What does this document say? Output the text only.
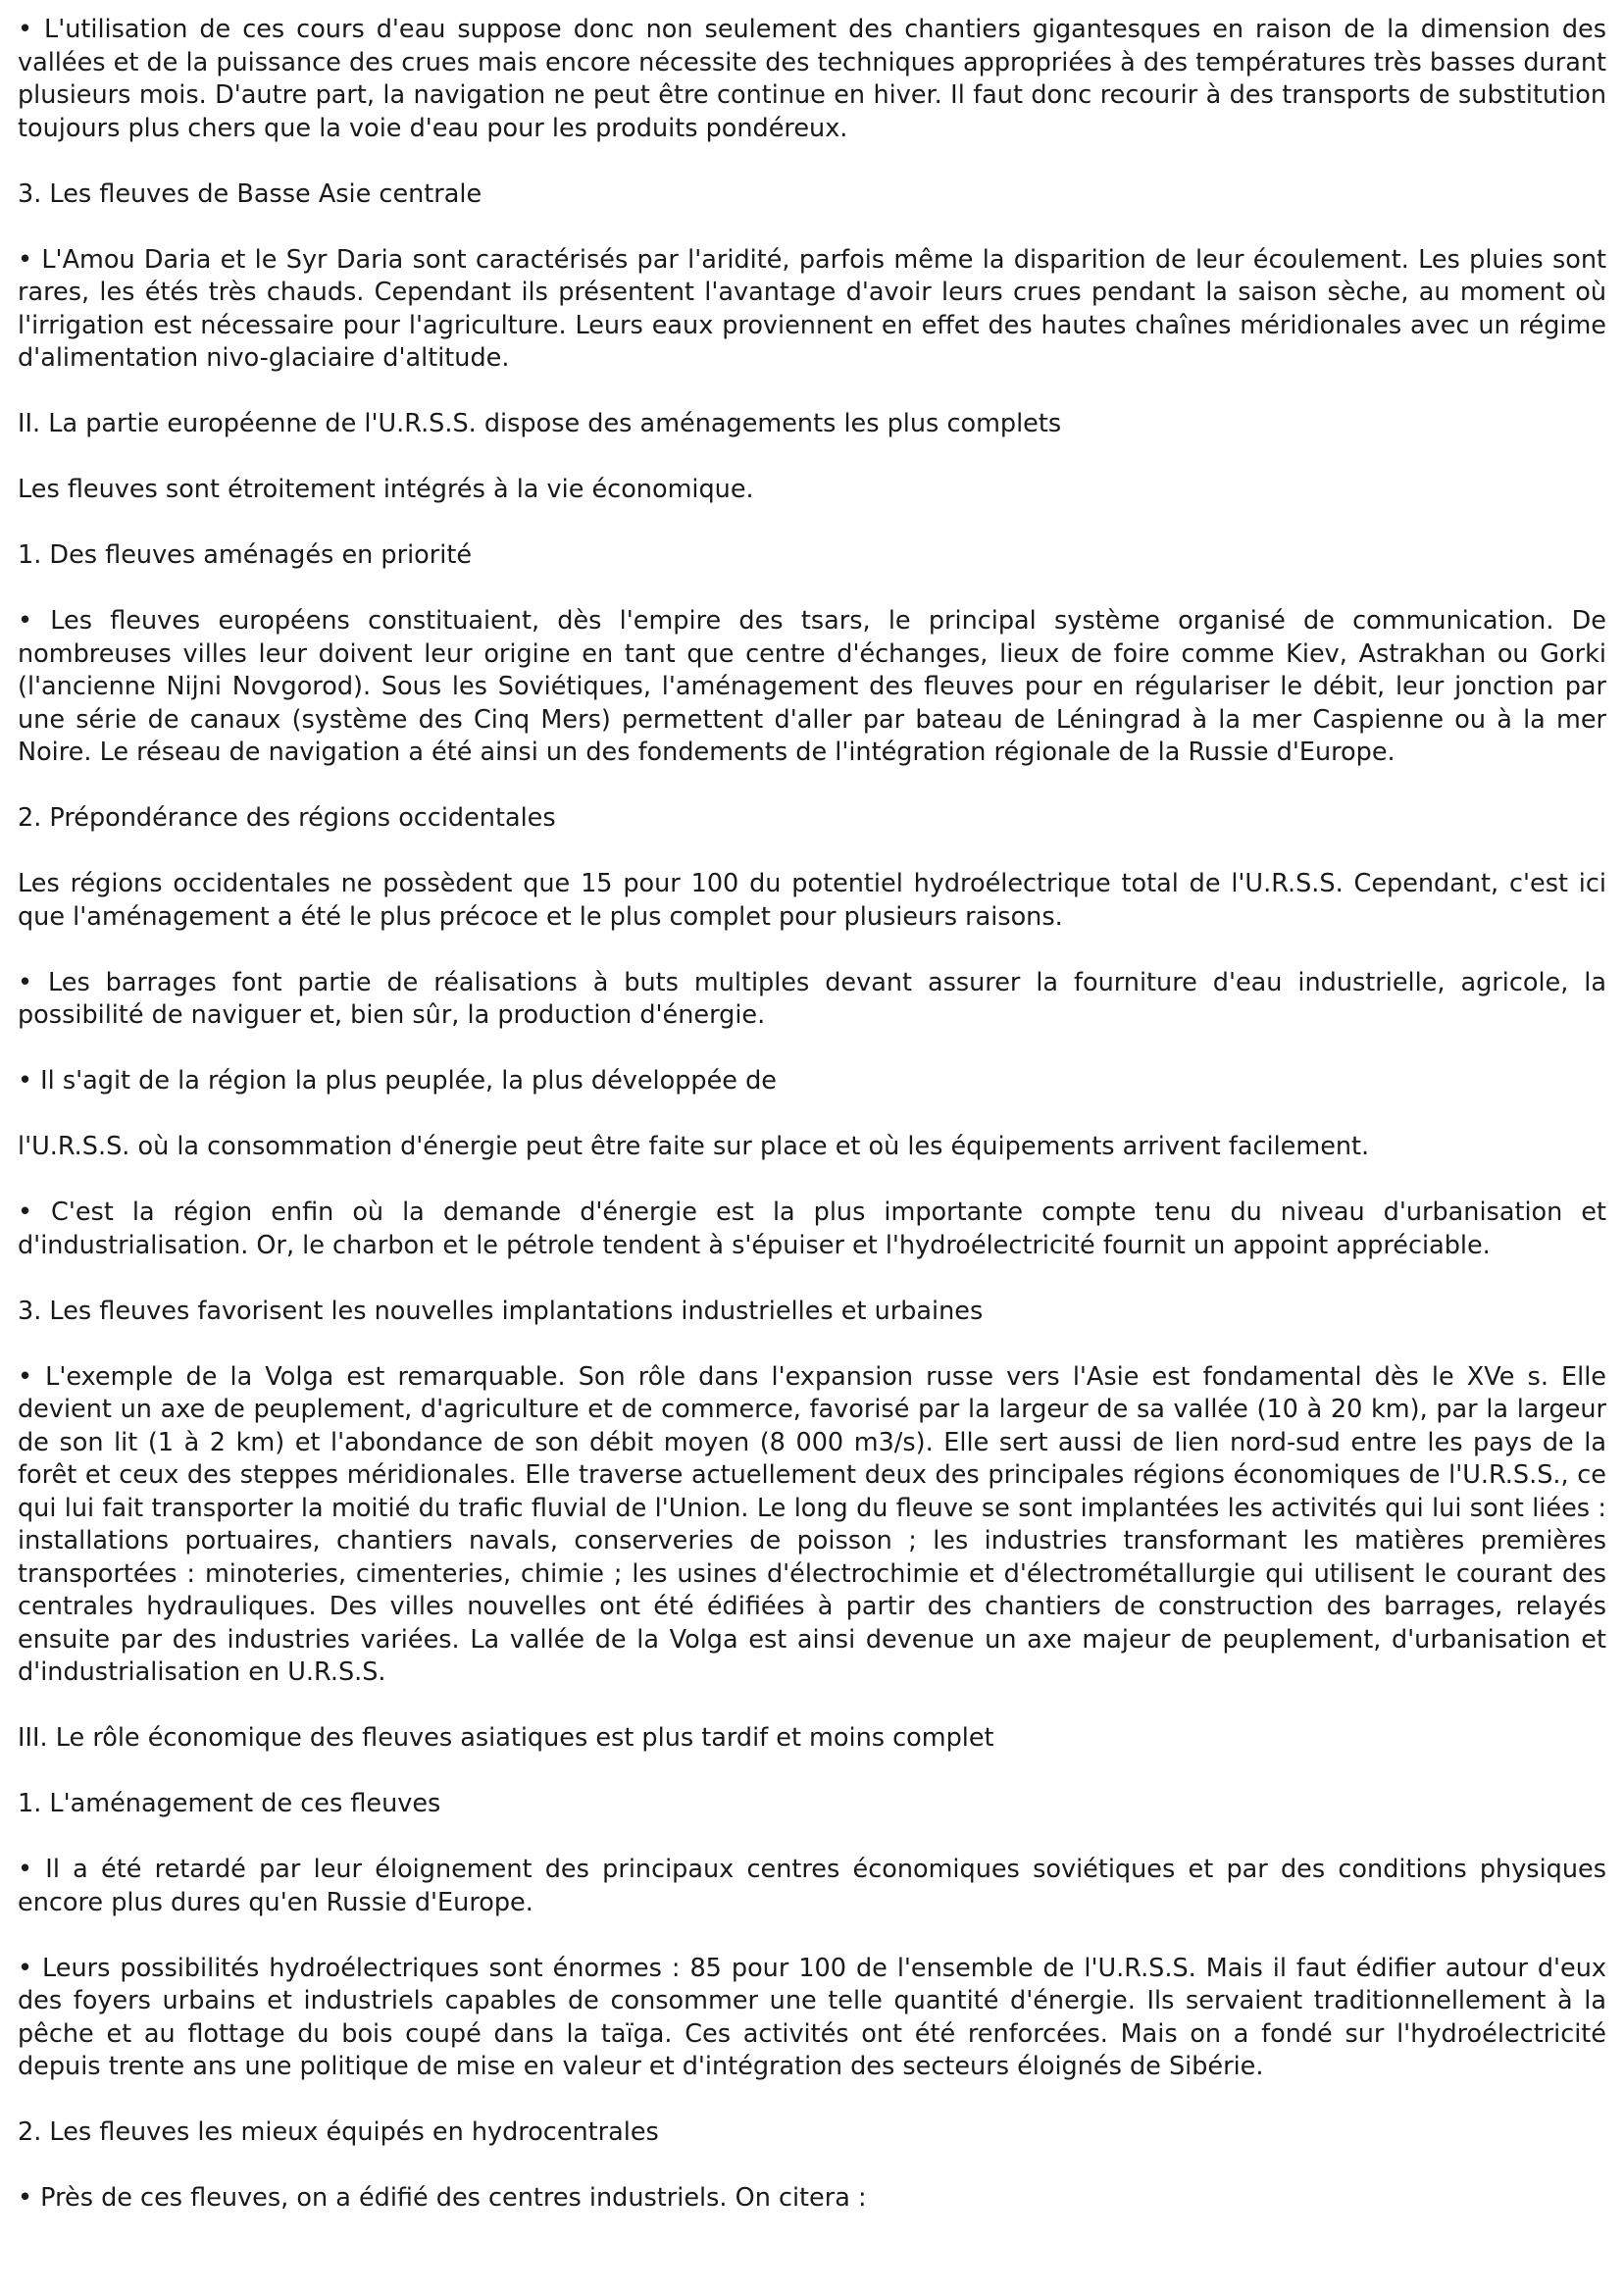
• L'utilisation de ces cours d'eau suppose donc non seulement des chantiers gigantesques en raison de la dimension des vallées et de la puissance des crues mais encore nécessite des techniques appropriées à des températures très basses durant plusieurs mois. D'autre part, la navigation ne peut être continue en hiver. Il faut donc recourir à des transports de substitution toujours plus chers que la voie d'eau pour les produits pondéreux.

3. Les fleuves de Basse Asie centrale

• L'Amou Daria et le Syr Daria sont caractérisés par l'aridité, parfois même la disparition de leur écoulement. Les pluies sont rares, les étés très chauds. Cependant ils présentent l'avantage d'avoir leurs crues pendant la saison sèche, au moment où l'irrigation est nécessaire pour l'agriculture. Leurs eaux proviennent en effet des hautes chaînes méridionales avec un régime d'alimentation nivo-glaciaire d'altitude.

II. La partie européenne de l'U.R.S.S. dispose des aménagements les plus complets

Les fleuves sont étroitement intégrés à la vie économique.

1. Des fleuves aménagés en priorité

• Les fleuves européens constituaient, dès l'empire des tsars, le principal système organisé de communication. De nombreuses villes leur doivent leur origine en tant que centre d'échanges, lieux de foire comme Kiev, Astrakhan ou Gorki (l'ancienne Nijni Novgorod). Sous les Soviétiques, l'aménagement des fleuves pour en régulariser le débit, leur jonction par une série de canaux (système des Cinq Mers) permettent d'aller par bateau de Léningrad à la mer Caspienne ou à la mer Noire. Le réseau de navigation a été ainsi un des fondements de l'intégration régionale de la Russie d'Europe.

2. Prépondérance des régions occidentales

Les régions occidentales ne possèdent que 15 pour 100 du potentiel hydroélectrique total de l'U.R.S.S. Cependant, c'est ici que l'aménagement a été le plus précoce et le plus complet pour plusieurs raisons.

• Les barrages font partie de réalisations à buts multiples devant assurer la fourniture d'eau industrielle, agricole, la possibilité de naviguer et, bien sûr, la production d'énergie.

• Il s'agit de la région la plus peuplée, la plus développée de

l'U.R.S.S. où la consommation d'énergie peut être faite sur place et où les équipements arrivent facilement.

• C'est la région enfin où la demande d'énergie est la plus importante compte tenu du niveau d'urbanisation et d'industrialisation. Or, le charbon et le pétrole tendent à s'épuiser et l'hydroélectricité fournit un appoint appréciable.

3. Les fleuves favorisent les nouvelles implantations industrielles et urbaines

• L'exemple de la Volga est remarquable. Son rôle dans l'expansion russe vers l'Asie est fondamental dès le XVe s. Elle devient un axe de peuplement, d'agriculture et de commerce, favorisé par la largeur de sa vallée (10 à 20 km), par la largeur de son lit (1 à 2 km) et l'abondance de son débit moyen (8 000 m3/s). Elle sert aussi de lien nord-sud entre les pays de la forêt et ceux des steppes méridionales. Elle traverse actuellement deux des principales régions économiques de l'U.R.S.S., ce qui lui fait transporter la moitié du trafic fluvial de l'Union. Le long du fleuve se sont implantées les activités qui lui sont liées : installations portuaires, chantiers navals, conserveries de poisson ; les industries transformant les matières premières transportées : minoteries, cimenteries, chimie ; les usines d'électrochimie et d'électrométallurgie qui utilisent le courant des centrales hydrauliques. Des villes nouvelles ont été édifiées à partir des chantiers de construction des barrages, relayés ensuite par des industries variées. La vallée de la Volga est ainsi devenue un axe majeur de peuplement, d'urbanisation et d'industrialisation en U.R.S.S.

III. Le rôle économique des fleuves asiatiques est plus tardif et moins complet

1. L'aménagement de ces fleuves

• Il a été retardé par leur éloignement des principaux centres économiques soviétiques et par des conditions physiques encore plus dures qu'en Russie d'Europe.

• Leurs possibilités hydroélectriques sont énormes : 85 pour 100 de l'ensemble de l'U.R.S.S. Mais il faut édifier autour d'eux des foyers urbains et industriels capables de consommer une telle quantité d'énergie. Ils servaient traditionnellement à la pêche et au flottage du bois coupé dans la taïga. Ces activités ont été renforcées. Mais on a fondé sur l'hydroélectricité depuis trente ans une politique de mise en valeur et d'intégration des secteurs éloignés de Sibérie.

2. Les fleuves les mieux équipés en hydrocentrales

• Près de ces fleuves, on a édifié des centres industriels. On citera :
